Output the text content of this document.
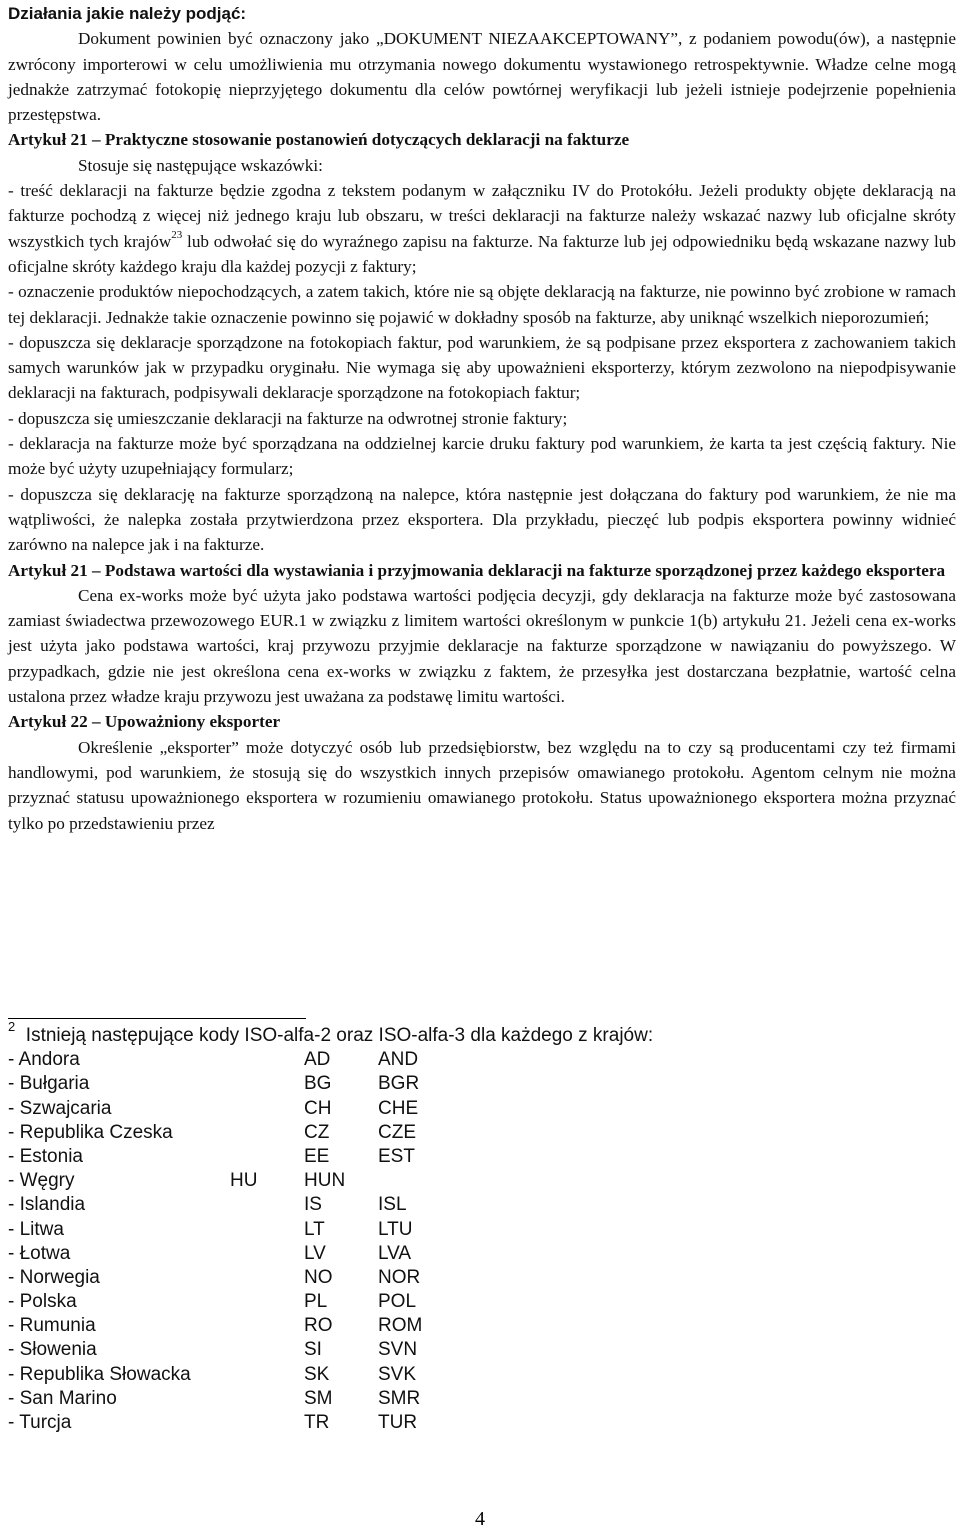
Działania jakie należy podjąć:

Dokument powinien być oznaczony jako „DOKUMENT NIEZAAKCEPTOWANY”, z podaniem powodu(ów), a następnie zwrócony importerowi w celu umożliwienia mu otrzymania nowego dokumentu wystawionego retrospektywnie. Władze celne mogą jednakże zatrzymać fotokopię nieprzyjętego dokumentu dla celów powtórnej weryfikacji lub jeżeli istnieje podejrzenie popełnienia przestępstwa.

Artykuł 21 – Praktyczne stosowanie postanowień dotyczących deklaracji na fakturze

Stosuje się następujące wskazówki:

- treść deklaracji na fakturze będzie zgodna z tekstem podanym w załączniku IV do Protokółu. Jeżeli produkty objęte deklaracją na fakturze pochodzą z więcej niż jednego kraju lub obszaru, w treści deklaracji na fakturze należy wskazać nazwy lub oficjalne skróty wszystkich tych krajów$^{23}$ lub odwołać się do wyraźnego zapisu na fakturze. Na fakturze lub jej odpowiedniku będą wskazane nazwy lub oficjalne skróty każdego kraju dla każdej pozycji z faktury;

- oznaczenie produktów niepochodzących, a zatem takich, które nie są objęte deklaracją na fakturze, nie powinno być zrobione w ramach tej deklaracji. Jednakże takie oznaczenie powinno się pojawić w dokładny sposób na fakturze, aby uniknąć wszelkich nieporozumień;

- dopuszcza się deklaracje sporządzone na fotokopiach faktur, pod warunkiem, że są podpisane przez eksportera z zachowaniem takich samych warunków jak w przypadku oryginału. Nie wymaga się aby upoważnieni eksporterzy, którym zezwolono na niepodpisywanie deklaracji na fakturach, podpisywali deklaracje sporządzone na fotokopiach faktur;

- dopuszcza się umieszczanie deklaracji na fakturze na odwrotnej stronie faktury;

- deklaracja na fakturze może być sporządzana na oddzielnej karcie druku faktury pod warunkiem, że karta ta jest częścią faktury. Nie może być użyty uzupełniający formularz;

- dopuszcza się deklarację na fakturze sporządzoną na nalepce, która następnie jest dołączana do faktury pod warunkiem, że nie ma wątpliwości, że nalepka została przytwierdzona przez eksportera. Dla przykładu, pieczęć lub podpis eksportera powinny widnieć zarówno na nalepce jak i na fakturze.

Artykuł 21 – Podstawa wartości dla wystawiania i przyjmowania deklaracji na fakturze sporządzonej przez każdego eksportera

Cena ex-works może być użyta jako podstawa wartości podjęcia decyzji, gdy deklaracja na fakturze może być zastosowana zamiast świadectwa przewozowego EUR.1 w związku z limitem wartości określonym w punkcie 1(b) artykułu 21. Jeżeli cena ex-works jest użyta jako podstawa wartości, kraj przywozu przyjmie deklaracje na fakturze sporządzone w nawiązaniu do powyższego. W przypadkach, gdzie nie jest określona cena ex-works w związku z faktem, że przesyłka jest dostarczana bezpłatnie, wartość celna ustalona przez władze kraju przywozu jest uważana za podstawę limitu wartości.

Artykuł 22 – Upoważniony eksporter

Określenie „eksporter” może dotyczyć osób lub przedsiębiorstw, bez względu na to czy są producentami czy też firmami handlowymi, pod warunkiem, że stosują się do wszystkich innych przepisów omawianego protokołu. Agentom celnym nie można przyznać statusu upoważnionego eksportera w rozumieniu omawianego protokołu. Status upoważnionego eksportera można przyznać tylko po przedstawieniu przez

$^2$ Istnieją następujące kody ISO-alfa-2 oraz ISO-alfa-3 dla każdego z krajów:

- Andora	AD	AND
- Bułgaria	BG	BGR
- Szwajcaria	CH	CHE
- Republika Czeska	CZ	CZE
- Estonia	EE	EST
- Węgry	HU	HUN
- Islandia	IS	ISL
- Litwa	LT	LTU
- Łotwa	LV	LVA
- Norwegia	NO	NOR
- Polska	PL	POL
- Rumunia	RO	ROM
- Słowenia	SI	SVN
- Republika Słowacka	SK	SVK
- San Marino	SM	SMR
- Turcja	TR	TUR
4
